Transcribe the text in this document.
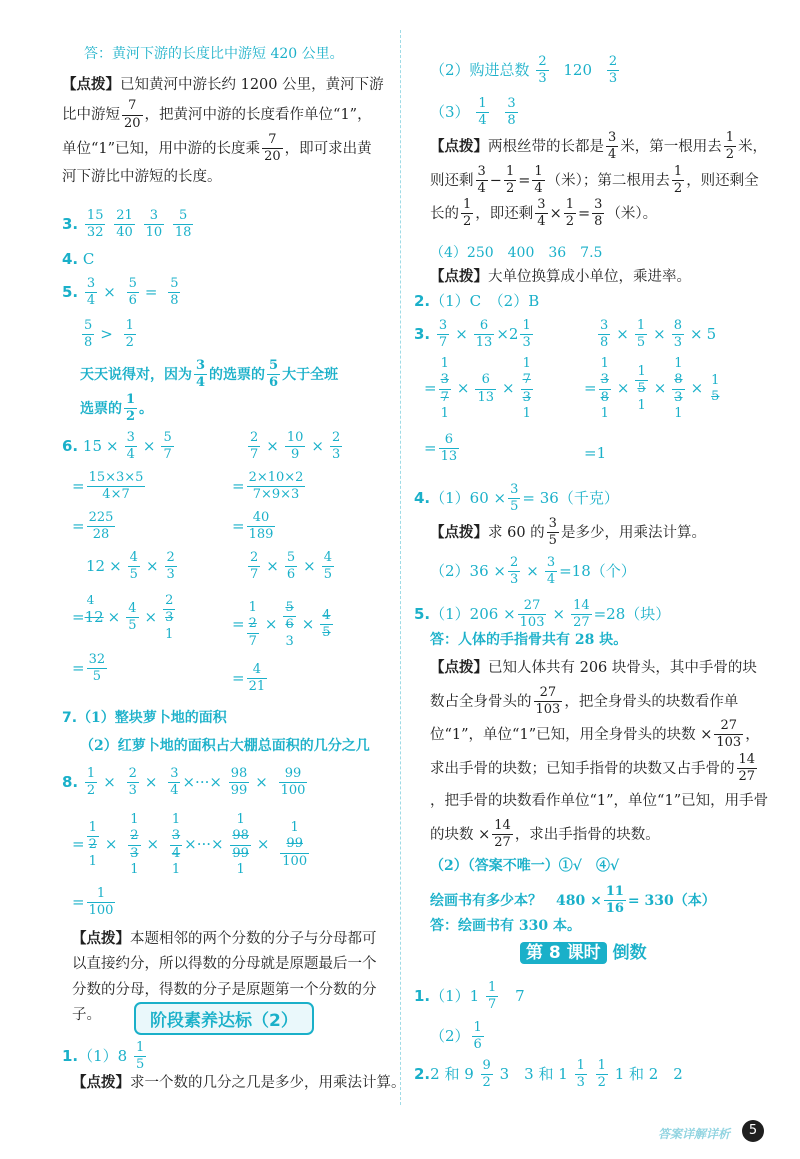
答：黄河下游的长度比中游短 420 公里。
【点拨】已知黄河中游长约 1200 公里，黄河下游比中游短 $\frac{7}{20}$ ，把黄河中游的长度看作单位“1”，单位“1”已知，用中游的长度乘 $\frac{7}{20}$ ，即可求出黄河下游比中游短的长度。
3. $\frac{15}{32}$
$\frac{21}{40}$
$\frac{3}{10}$
$\frac{5}{18}$
4. C
5. $\frac{3}{4} \times \frac{5}{6} = \frac{5}{8}$
$\frac{5}{8} > \frac{1}{2}$
天天说得对，因为 $\frac{3}{4}$ 的选票的 $\frac{5}{6}$ 大于全班
选票的 $\frac{1}{2}$ 。
6. $15 \times \frac{3}{4} \times \frac{5}{7}$
= $\frac{15\times 3\times 5}{4\times 7}$
= $\frac{225}{28}$
$\frac{2}{7} \times \frac{10}{9} \times \frac{2}{3}$
= $\frac{2\times 10\times 2}{7\times 9\times 3}$
= $\frac{40}{189}$
$12 \times \frac{4}{5} \times \frac{2}{3}$
=12
4
× $\frac{4}{5}$ ×
2
3
1
= $\frac{32}{5}$
$\frac{2}{7} \times \frac{5}{6} \times \frac{4}{5}$
=
1
2
7
×
5
6
3
× $\frac{4}{5}$
= $\frac{4}{21}$
7.（1）整块萝卜地的面积
（2）红萝卜地的面积占大棚总面积的几分之几
8. $\frac{1}{2} \times \frac{2}{3} \times \frac{3}{4}$ ×···× $\frac{98}{99} \times \frac{99}{100}$
=
1
2
1
×
1
2
3
1
×
1
3
4
1
×···×
1
98
99
1
×
1
99
100
= $\frac{1}{100}$
【点拨】本题相邻的两个分数的分子与分母都可以直接约分，所以得数的分母就是原题最后一个分数的分母，得数的分子是原题第一个分数的分子。	阶段素养达标（2）
$1.(1)8 \frac{1}{5}$
【点拨】求一个数的几分之几是多少，用乘法计算。
（2）购进总数 $\frac{2}{3} 120 \frac{2}{3}$
$(3) \frac{1}{4}$
$\frac{3}{8}$
【点拨】两根丝带的长都是 $\frac{3}{4}$ 米，第一根用去 $\frac{1}{2}$ 米，则还剩 $\frac{3}{4} - \frac{1}{2} = \frac{1}{4}$ （米）；第二根用去 $\frac{1}{2}$ ，则还剩全长的 $\frac{1}{2}$ ，即还剩 $\frac{3}{4} \times \frac{1}{2} = \frac{3}{8}$ （米）。
（4）250　400　36　7.5
【点拨】大单位换算成小单位，乘进率。
2.（1）C　（2）B
3. $\frac{3}{7} \times \frac{6}{13} \times 2 \frac{1}{3}$
=
1
3
7
1
× $\frac{6}{13}$ ×
1
7
3
1
= $\frac{6}{13}$
$\frac{3}{8} \times \frac{1}{5} \times \frac{8}{3} \times 5$
=
1
3
8
1
×
1
5
1
×
1
8
3
1
× 1
5
=1
$4.(1)60 \times \frac{3}{5} = 36$（千克）
【点拨】求 60 的 $\frac{3}{5}$ 是多少，用乘法计算。
$(2)36 \times \frac{2}{3} \times \frac{3}{4} =18$（个）
$5.(1)206 \times \frac{27}{103} \times \frac{14}{27} =28$（块）
答：人体的手指骨共有 28 块。
【点拨】已知人体共有 206 块骨头，其中手骨的块数占全身骨头的 $\frac{27}{103}$ ，把全身骨头的块数看作单位“1”，单位“1”已知，用全身骨头的块数 × $\frac{27}{103}$ ，求出手骨的块数；已知手指骨的块数又占手骨的 $\frac{14}{27}$
，把手骨的块数看作单位“1”，单位“1”已知，用手骨的块数 × $\frac{14}{27}$ ，求出手指骨的块数。
（2）（答案不唯一）①√　④√
绘画书有多少本？　$480 \times \frac{11}{16} = 330$（本）
答：绘画书有 330 本。
第 8 课时 倒数
$1.(1)1 \frac{1}{7} 7$
$(2) \frac{1}{6}$
2.2 和 $9 \frac{9}{2} 3$　3 和 $1 \frac{1}{3}$
$\frac{1}{2} 1$ 和 2　2
答案详解详析	5
